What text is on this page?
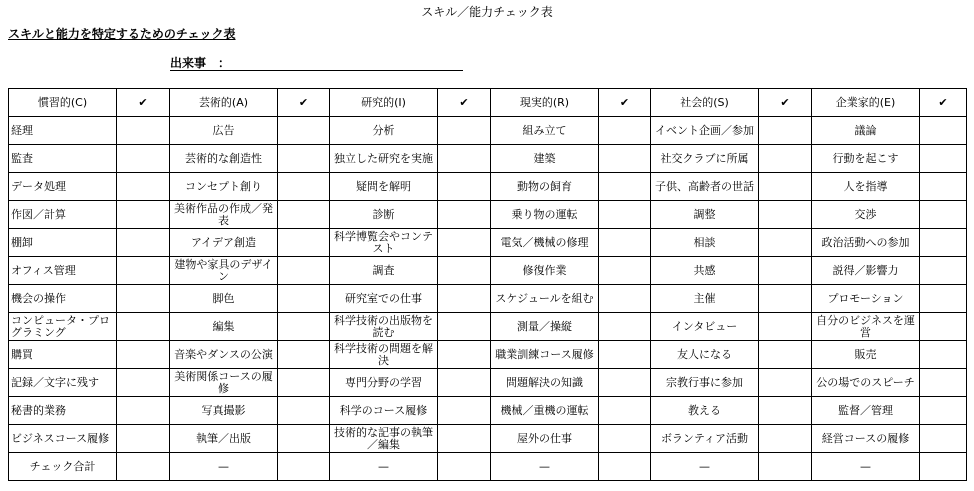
スキル／能力チェック表
スキルと能力を特定するためのチェック表
出来事　：
慣習的(C)	✔	芸術的(A)	✔	研究的(I)	✔	現実的(R)	✔	社会的(S)	✔	企業家的(E)	✔
経理		広告		分析		組み立て		イベント企画／参加		議論	
監査		芸術的な創造性		独立した研究を実施		建築		社交クラブに所属		行動を起こす	
データ処理		コンセプト創り		疑問を解明		動物の飼育		子供、高齢者の世話		人を指導	
作図／計算		美術作品の作成／発表		診断		乗り物の運転		調整		交渉	
棚卸		アイデア創造		科学博覧会やコンテスト		電気／機械の修理		相談		政治活動への参加	
オフィス管理		建物や家具のデザイン		調査		修復作業		共感		説得／影響力	
機会の操作		脚色		研究室での仕事		スケジュールを組む		主催		プロモーション	
コンピュータ・プログラミング		編集		科学技術の出版物を読む		測量／操縦		インタビュー		自分のビジネスを運営	
購買		音楽やダンスの公演		科学技術の問題を解決		職業訓練コース履修		友人になる		販売	
記録／文字に残す		美術関係コースの履修		専門分野の学習		問題解決の知識		宗教行事に参加		公の場でのスピーチ	
秘書的業務		写真撮影		科学のコース履修		機械／重機の運転		教える		監督／管理	
ビジネスコース履修		執筆／出版		技術的な記事の執筆／編集		屋外の仕事		ボランティア活動		経営コースの履修	
チェック合計		—		—		—		—		—	
